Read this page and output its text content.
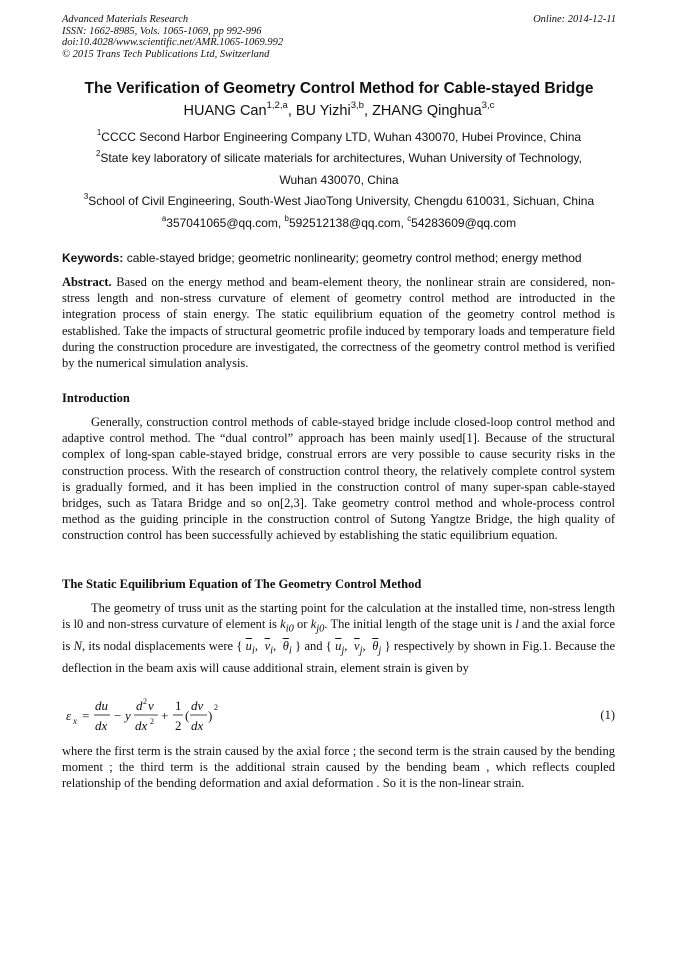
Advanced Materials Research
ISSN: 1662-8985, Vols. 1065-1069, pp 992-996
doi:10.4028/www.scientific.net/AMR.1065-1069.992
© 2015 Trans Tech Publications Ltd, Switzerland
Online: 2014-12-11
The Verification of Geometry Control Method for Cable-stayed Bridge
HUANG Can$^{1,2,a}$, BU Yizhi$^{3,b}$, ZHANG Qinghua$^{3,c}$
$^1$CCCC Second Harbor Engineering Company LTD, Wuhan 430070, Hubei Province, China
$^2$State key laboratory of silicate materials for architectures, Wuhan University of Technology,
Wuhan 430070, China
$^3$School of Civil Engineering, South-West JiaoTong University, Chengdu 610031, Sichuan, China
$^a$357041065@qq.com, $^b$592512138@qq.com, $^c$54283609@qq.com
Keywords: cable-stayed bridge; geometric nonlinearity; geometry control method; energy method

Abstract. Based on the energy method and beam-element theory, the nonlinear strain are considered, non-stress length and non-stress curvature of element of geometry control method are introducted in the integration process of stain energy. The static equilibrium equation of the geometry control method is established. Take the impacts of structural geometric profile induced by temporary loads and temperature field during the construction procedure are investigated, the correctness of the geometry control method is verified by the numerical simulation analysis.

Introduction

Generally, construction control methods of cable-stayed bridge include closed-loop control method and adaptive control method. The “dual control” approach has been mainly used[1]. Because of the structural complex of long-span cable-stayed bridge, construal errors are very possible to cause security risks in the construction process. With the research of construction control theory, the relatively complete control system is gradually formed, and it has been implied in the construction control of many super-span cable-stayed bridges, such as Tatara Bridge and so on[2,3]. Take geometry control method and whole-process control method as the guiding principle in the construction control of Sutong Yangtze Bridge, the high quality of construction control has been successfully achieved by establishing the static equilibrium equation.

The Static Equilibrium Equation of The Geometry Control Method

The geometry of truss unit as the starting point for the calculation at the installed time, non-stress length is l0 and non-stress curvature of element is $k_{i0}$ or $k_{j0}$. The initial length of the stage unit is l and the axial force is N, its nodal displacements were { $\overline{u}_i$, $\overline{v}_i$, $\overline{\theta}_i$ } and { $\overline{u}_j$, $\overline{v}_j$, $\overline{\theta}_j$ } respectively by shown in Fig.1. Because the deflection in the beam axis will cause additional strain, element strain is given by

ε x =
du
dx
− y
d 2 v
dx 2 +
1
2
(
dv
dx
)
2
(1)

where the first term is the strain caused by the axial force ; the second term is the strain caused by the bending moment ; the third term is the additional strain caused by the bending beam , which reflects coupled relationship of the bending deformation and axial deformation . So it is the non-linear strain.
